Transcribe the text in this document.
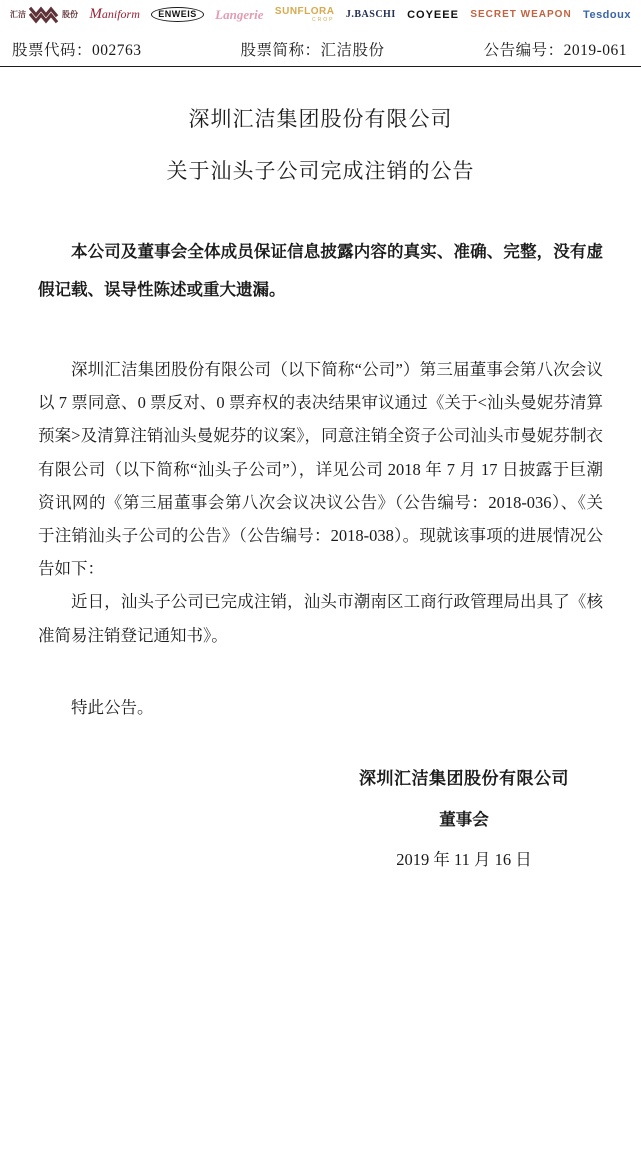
汇洁	股份 Maniform	ENWEIS	Langerie SUNFLORA
CROP J.BASCHI COYEEE SECRET WEAPON Tesdoux
股票代码：002763	股票简称：汇洁股份	公告编号：2019-061
深圳汇洁集团股份有限公司
关于汕头子公司完成注销的公告

本公司及董事会全体成员保证信息披露内容的真实、准确、完整，没有虚假记载、误导性陈述或重大遗漏。

深圳汇洁集团股份有限公司（以下简称“公司”）第三届董事会第八次会议以 7 票同意、0 票反对、0 票弃权的表决结果审议通过《关于<汕头曼妮芬清算预案>及清算注销汕头曼妮芬的议案》，同意注销全资子公司汕头市曼妮芬制衣有限公司（以下简称“汕头子公司”），详见公司 2018 年 7 月 17 日披露于巨潮资讯网的《第三届董事会第八次会议决议公告》（公告编号：2018-036）、《关于注销汕头子公司的公告》（公告编号：2018-038）。现就该事项的进展情况公告如下：

近日，汕头子公司已完成注销，汕头市潮南区工商行政管理局出具了《核准简易注销登记通知书》。

特此公告。

深圳汇洁集团股份有限公司
董事会
2019 年 11 月 16 日
